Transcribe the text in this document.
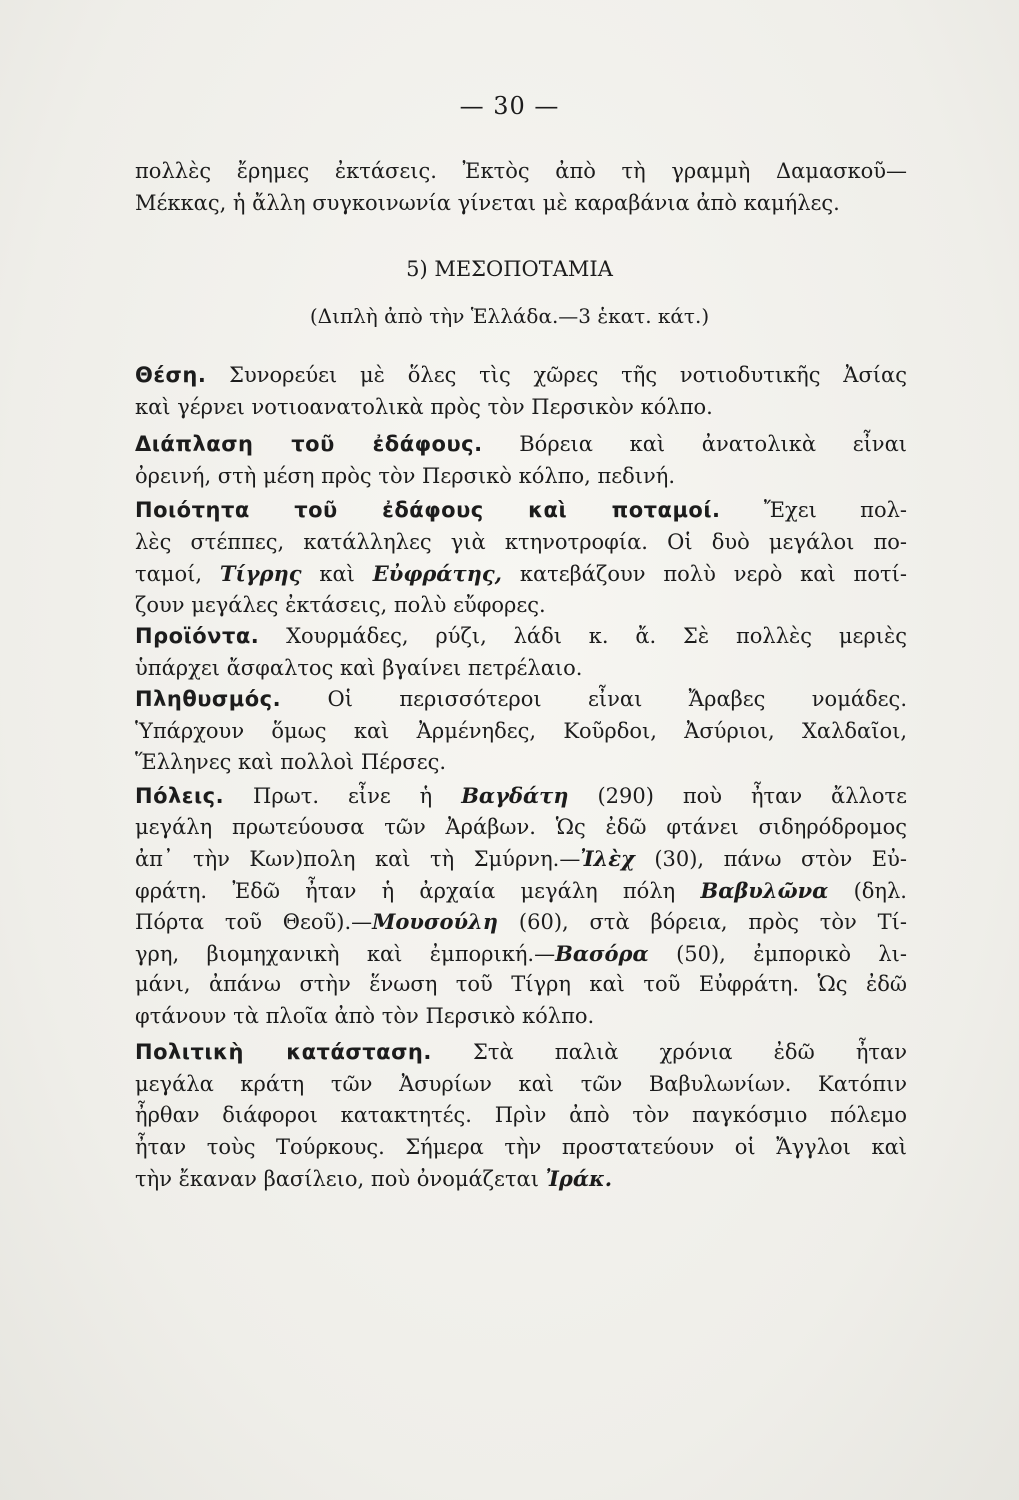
— 30 —
πολλὲς ἔρημες ἐκτάσεις. Ἐκτὸς ἀπὸ τὴ γραμμὴ Δαμασκοῦ—
Μέκκας, ἡ ἄλλη συγκοινωνία γίνεται μὲ καραβάνια ἀπὸ καμήλες.
5) ΜΕΣΟΠΟΤΑΜΙΑ
(Διπλὴ ἀπὸ τὴν Ἑλλάδα.—3 ἑκατ. κάτ.)
Θέση. Συνορεύει μὲ ὅλες τὶς χῶρες τῆς νοτιοδυτικῆς Ἀσίας
καὶ γέρνει νοτιοανατολικὰ πρὸς τὸν Περσικὸν κόλπο.
Διάπλαση τοῦ ἐδάφους. Βόρεια καὶ ἀνατολικὰ εἶναι
ὀρεινή, στὴ μέση πρὸς τὸν Περσικὸ κόλπο, πεδινή.
Ποιότητα τοῦ ἐδάφους καὶ ποταμοί. Ἔχει πολ-
λὲς στέππες, κατάλληλες γιὰ κτηνοτροφία. Οἱ δυὸ μεγάλοι πο-
ταμοί, Τίγρης καὶ Εὐφράτης, κατεβάζουν πολὺ νερὸ καὶ ποτί-
ζουν μεγάλες ἐκτάσεις, πολὺ εὔφορες.
Προϊόντα. Χουρμάδες, ρύζι, λάδι κ. ἄ. Σὲ πολλὲς μεριὲς
ὑπάρχει ἄσφαλτος καὶ βγαίνει πετρέλαιο.
Πληθυσμός. Οἱ περισσότεροι εἶναι Ἄραβες νομάδες.
Ὑπάρχουν ὅμως καὶ Ἀρμένηδες, Κοῦρδοι, Ἀσύριοι, Χαλδαῖοι,
Ἕλληνες καὶ πολλοὶ Πέρσες.
Πόλεις. Πρωτ. εἶνε ἡ Βαγδάτη (290) ποὺ ἦταν ἄλλοτε
μεγάλη πρωτεύουσα τῶν Ἀράβων. Ὡς ἐδῶ φτάνει σιδηρόδρομος
ἀπ᾿ τὴν Κων)πολη καὶ τὴ Σμύρνη.—Ἰλὲχ (30), πάνω στὸν Εὐ-
φράτη. Ἐδῶ ἦταν ἡ ἀρχαία μεγάλη πόλη Βαβυλῶνα (δηλ.
Πόρτα τοῦ Θεοῦ).—Μουσούλη (60), στὰ βόρεια, πρὸς τὸν Τί-
γρη, βιομηχανικὴ καὶ ἐμπορική.—Βασόρα (50), ἐμπορικὸ λι-
μάνι, ἀπάνω στὴν ἕνωση τοῦ Τίγρη καὶ τοῦ Εὐφράτη. Ὡς ἐδῶ
φτάνουν τὰ πλοῖα ἀπὸ τὸν Περσικὸ κόλπο.
Πολιτικὴ κατάσταση. Στὰ παλιὰ χρόνια ἐδῶ ἦταν
μεγάλα κράτη τῶν Ἀσυρίων καὶ τῶν Βαβυλωνίων. Κατόπιν
ἦρθαν διάφοροι κατακτητές. Πρὶν ἀπὸ τὸν παγκόσμιο πόλεμο
ἦταν τοὺς Τούρκους. Σήμερα τὴν προστατεύουν οἱ Ἄγγλοι καὶ
τὴν ἔκαναν βασίλειο, ποὺ ὀνομάζεται Ἰράκ.
